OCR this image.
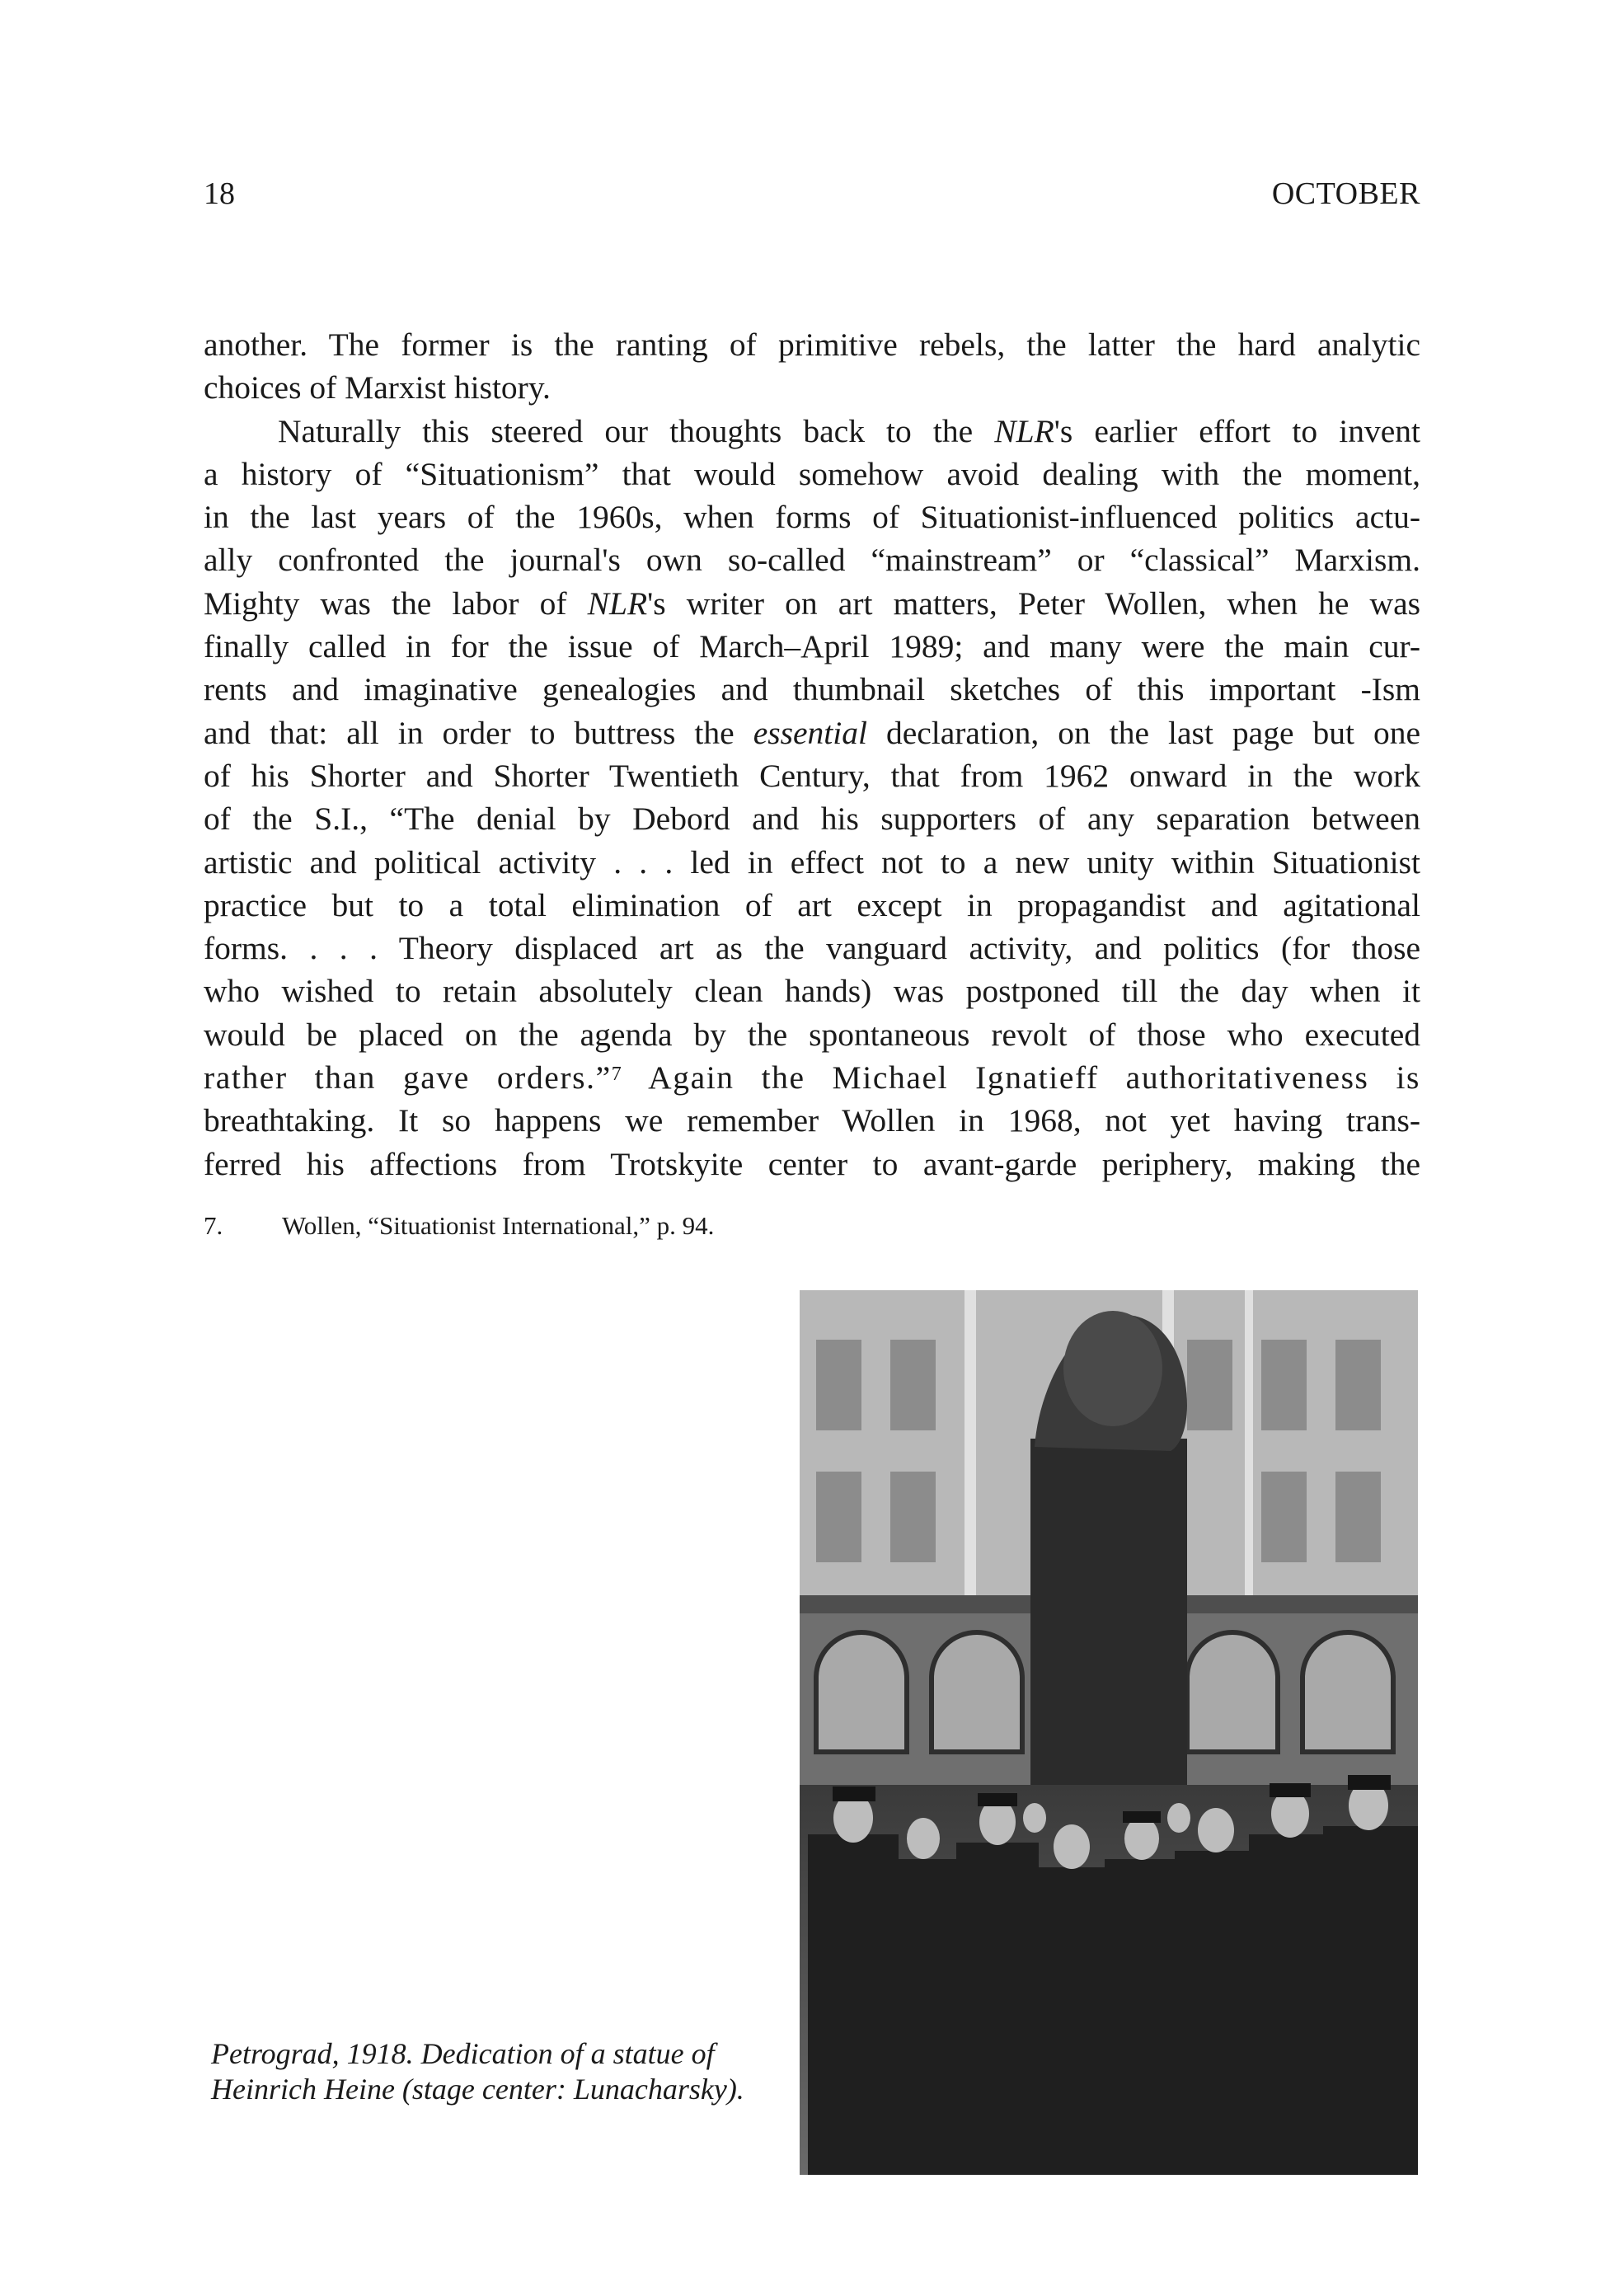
18	OCTOBER
another. The former is the ranting of primitive rebels, the latter the hard analytic
choices of Marxist history.
Naturally this steered our thoughts back to the NLR's earlier effort to invent
a history of “Situationism” that would somehow avoid dealing with the moment,
in the last years of the 1960s, when forms of Situationist-influenced politics actu-
ally confronted the journal's own so-called “mainstream” or “classical” Marxism.
Mighty was the labor of NLR's writer on art matters, Peter Wollen, when he was
finally called in for the issue of March–April 1989; and many were the main cur-
rents and imaginative genealogies and thumbnail sketches of this important -Ism
and that: all in order to buttress the essential declaration, on the last page but one
of his Shorter and Shorter Twentieth Century, that from 1962 onward in the work
of the S.I., “The denial by Debord and his supporters of any separation between
artistic and political activity . . . led in effect not to a new unity within Situationist
practice but to a total elimination of art except in propagandist and agitational
forms. . . . Theory displaced art as the vanguard activity, and politics (for those
who wished to retain absolutely clean hands) was postponed till the day when it
would be placed on the agenda by the spontaneous revolt of those who executed
rather than gave orders.”$^7$ Again the Michael Ignatieff authoritativeness is
breathtaking. It so happens we remember Wollen in 1968, not yet having trans-
ferred his affections from Trotskyite center to avant-garde periphery, making the
7. Wollen, “Situationist International,” p. 94.
Petrograd, 1918. Dedication of a statue of
Heinrich Heine (stage center: Lunacharsky).
